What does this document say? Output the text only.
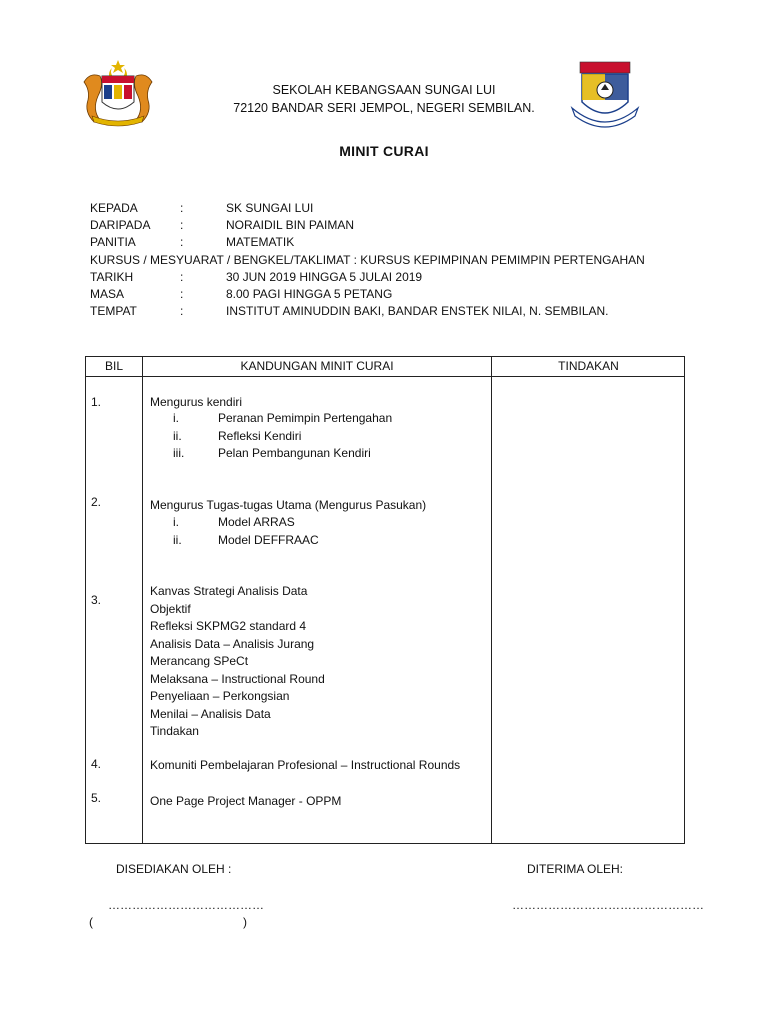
SEKOLAH KEBANGSAAN SUNGAI LUI
72120 BANDAR SERI JEMPOL, NEGERI SEMBILAN.
MINIT CURAI
KEPADA	:	SK SUNGAI LUI
DARIPADA :	NORAIDIL BIN PAIMAN
PANITIA	:	MATEMATIK
KURSUS / MESYUARAT / BENGKEL/TAKLIMAT : KURSUS KEPIMPINAN PEMIMPIN PERTENGAHAN
TARIKH	:	30 JUN 2019 HINGGA 5 JULAI 2019
MASA	:	8.00 PAGI HINGGA 5 PETANG
TEMPAT	:	INSTITUT AMINUDDIN BAKI, BANDAR ENSTEK NILAI, N. SEMBILAN.
BIL	KANDUNGAN MINIT CURAI	TINDAKAN
1.	Mengurus kendiri
i.	Peranan Pemimpin Pertengahan
ii.	Refleksi Kendiri
iii.	Pelan Pembangunan Kendiri
2.	Mengurus Tugas-tugas Utama (Mengurus Pasukan)
i.	Model ARRAS
ii.	Model DEFFRAAC
3.
Kanvas Strategi Analisis Data
Objektif
Refleksi SKPMG2 standard 4
Analisis Data – Analisis Jurang
Merancang SPeCt
Melaksana – Instructional Round
Penyeliaan – Perkongsian
Menilai – Analisis Data
Tindakan
4.	Komuniti Pembelajaran Profesional – Instructional Rounds
5.	One Page Project Manager - OPPM
DISEDIAKAN OLEH :	DITERIMA OLEH:
…………………………………	…………………………………………
(	)
